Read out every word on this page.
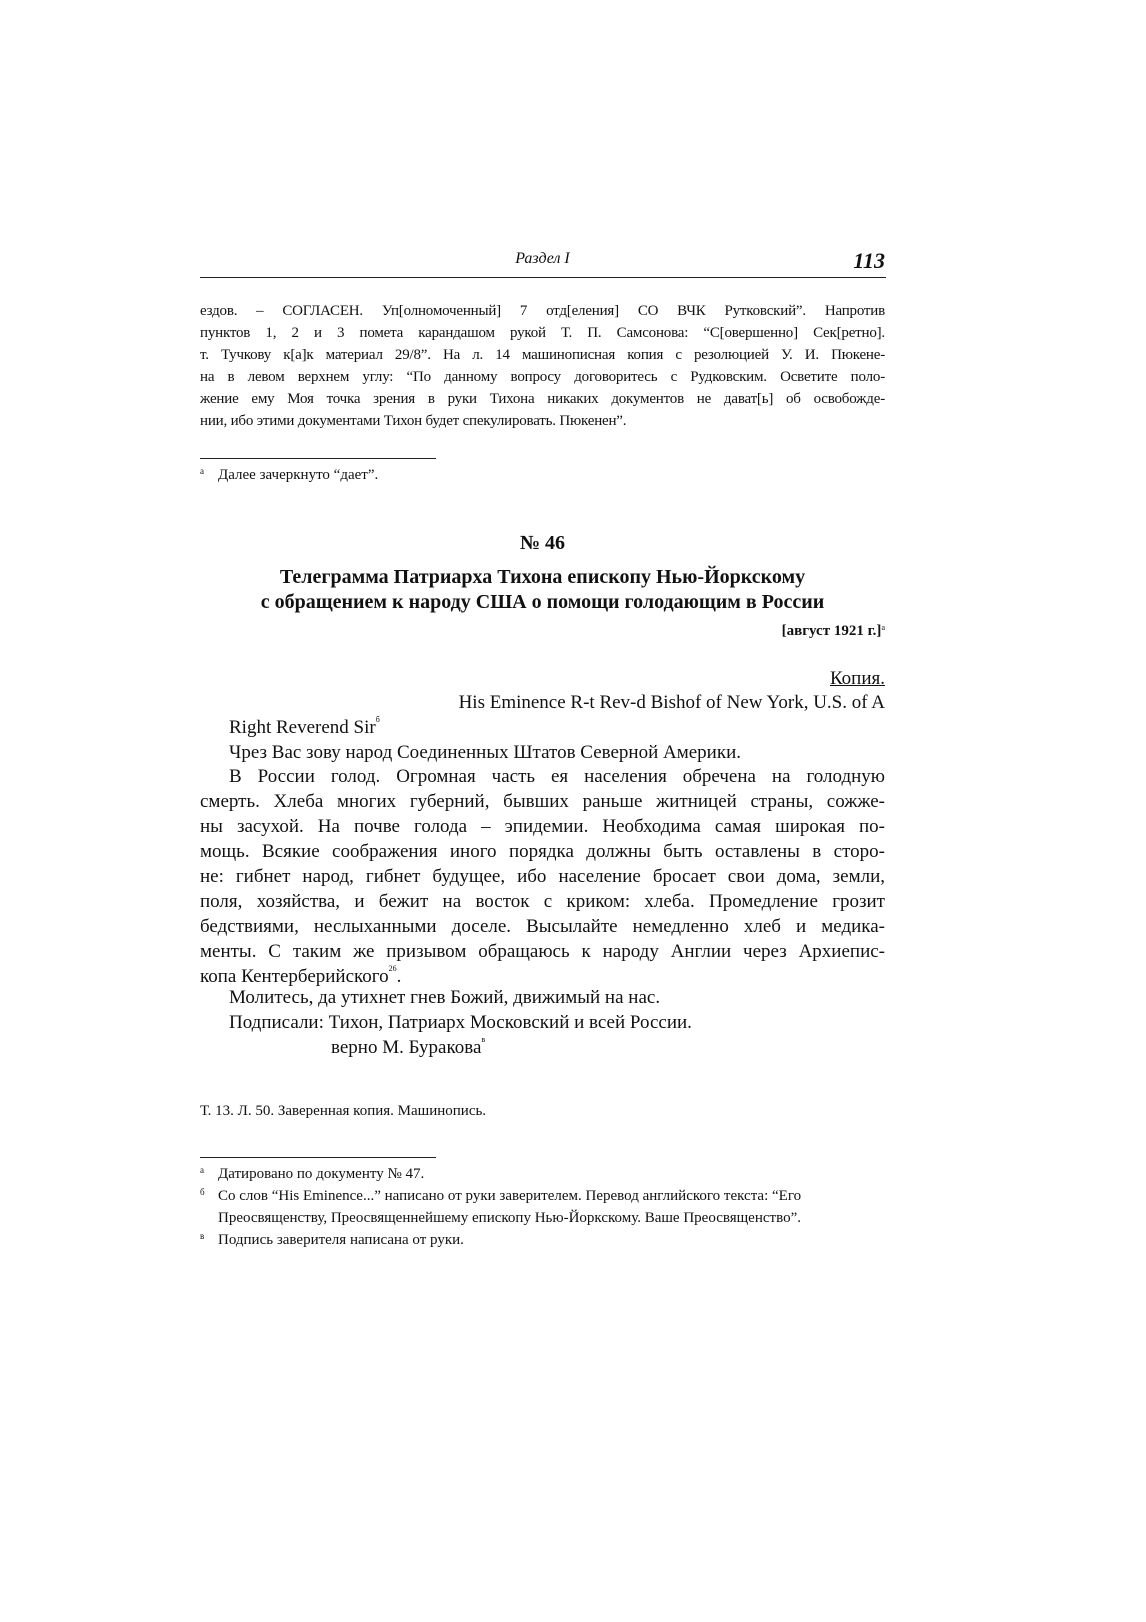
Раздел I	113
ездов. – СОГЛАСЕН. Уп[олномоченный] 7 отд[еления] СО ВЧК Рутковский”. Напротив
пунктов 1, 2 и 3 помета карандашом рукой Т. П. Самсонова: “С[овершенно] Сек[ретно].
т. Тучкову к[а]к материал 29/8”. На л. 14 машинописная копия с резолюцией У. И. Пюкене-
на в левом верхнем углу: “По данному вопросу договоритесь с Рудковским. Осветите поло-
жение ему Моя точка зрения в руки Тихона никаких документов не дават[ь] об освобожде-
нии, ибо этими документами Тихон будет спекулировать. Пюкенен”.
а Далее зачеркнуто “дает”.
№ 46
Телеграмма Патриарха Тихона епископу Нью-Йоркскому
с обращением к народу США о помощи голодающим в России
[август 1921 г.]$^а$
Копия.
His Eminence R-t Rev-d Bishof of New York, U.S. of A
Right Reverend Sir$^б$
Чрез Вас зову народ Соединенных Штатов Северной Америки.
В России голод. Огромная часть ея населения обречена на голодную
смерть. Хлеба многих губерний, бывших раньше житницей страны, сожже-
ны засухой. На почве голода – эпидемии. Необходима самая широкая по-
мощь. Всякие соображения иного порядка должны быть оставлены в сторо-
не: гибнет народ, гибнет будущее, ибо население бросает свои дома, земли,
поля, хозяйства, и бежит на восток с криком: хлеба. Промедление грозит
бедствиями, неслыханными доселе. Высылайте немедленно хлеб и медика-
менты. С таким же призывом обращаюсь к народу Англии через Архиепис-
копа Кентерберийского$^{26}$.
Молитесь, да утихнет гнев Божий, движимый на нас.
Подписали: Тихон, Патриарх Московский и всей России.
верно М. Буракова$^в$
Т. 13. Л. 50. Заверенная копия. Машинопись.
а Датировано по документу № 47.
б Со слов “His Eminence...” написано от руки заверителем. Перевод английского текста: “Его
Преосвященству, Преосвященнейшему епископу Нью-Йоркскому. Ваше Преосвященство”.
в Подпись заверителя написана от руки.
